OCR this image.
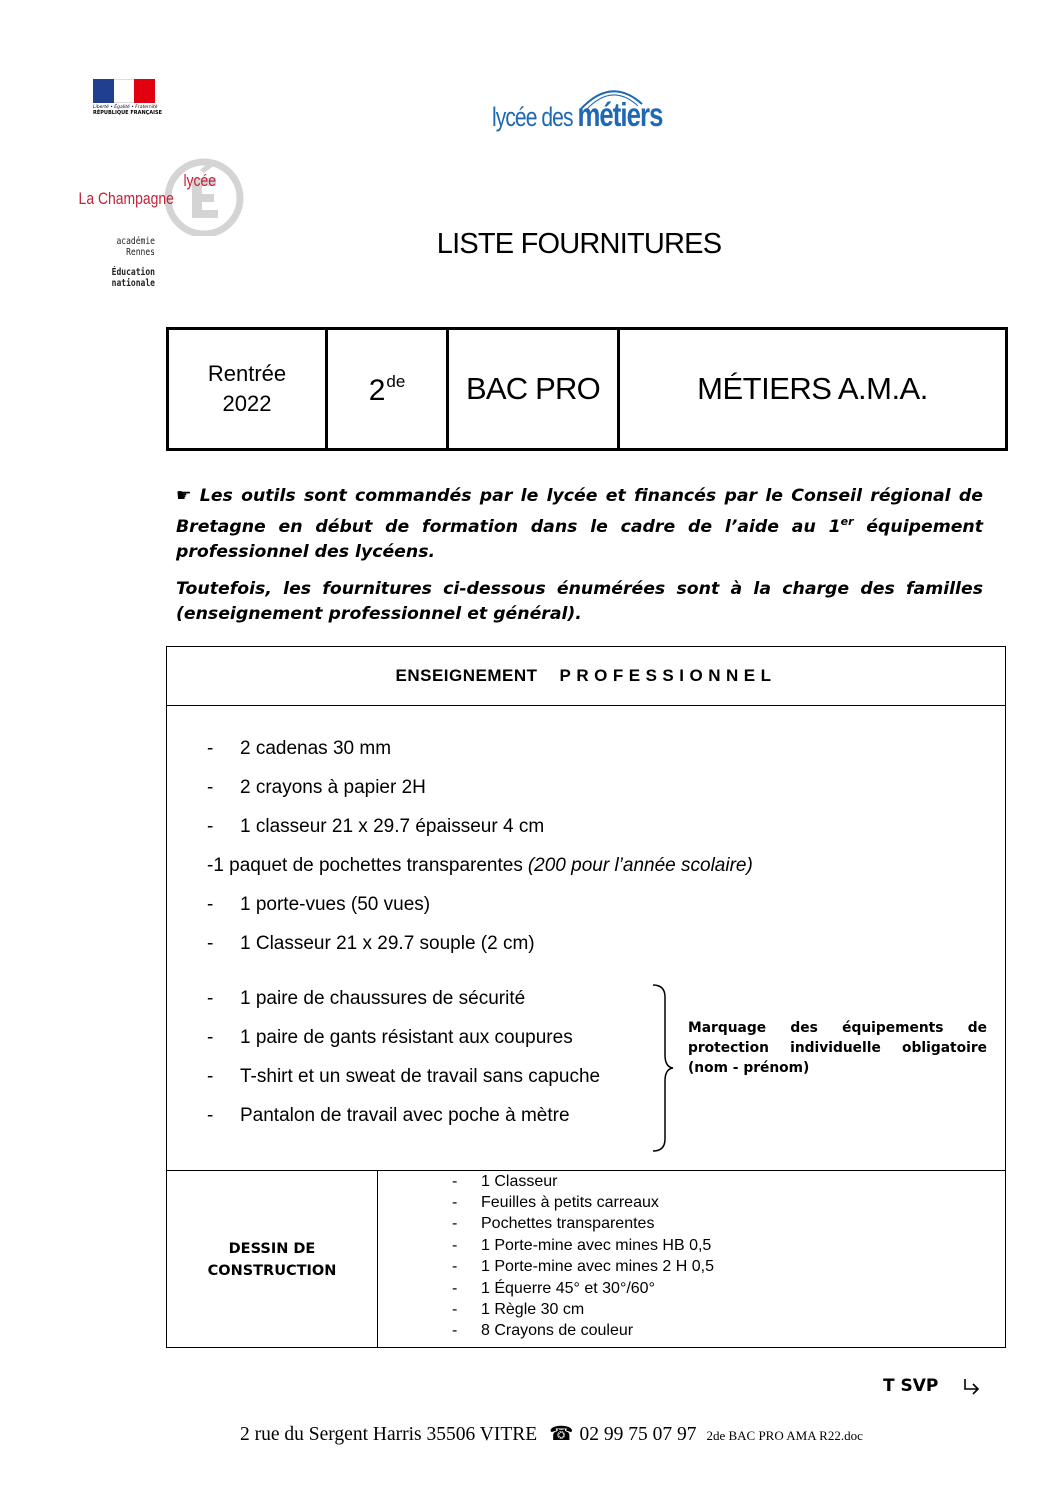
Liberté • Égalité • Fraternité
RÉPUBLIQUE FRANÇAISE
lycée
La Champagne
académie
Rennes
Éducation
nationale
lycée des métiers
LISTE FOURNITURES
Rentrée
2022	2de	BAC PRO	MÉTIERS A.M.A.

☛ Les outils sont commandés par le lycée et financés par le Conseil régional de Bretagne en début de formation dans le cadre de l’aide au 1er équipement professionnel des lycéens.

Toutefois, les fournitures ci-dessous énumérées sont à la charge des familles (enseignement professionnel et général).

ENSEIGNEMENT PROFESSIONNEL
-	2 cadenas 30 mm
-	2 crayons à papier 2H
-	1 classeur 21 x 29.7 épaisseur 4 cm
- 1 paquet de pochettes transparentes (200 pour l’année scolaire)
-	1 porte-vues (50 vues)
-	1 Classeur 21 x 29.7 souple (2 cm)
-	1 paire de chaussures de sécurité
-	1 paire de gants résistant aux coupures
-	T-shirt et un sweat de travail sans capuche
-	Pantalon de travail avec poche à mètre
Marquage des équipements de protection individuelle obligatoire (nom - prénom)
DESSIN DE
CONSTRUCTION
-	1 Classeur
-	Feuilles à petits carreaux
-	Pochettes transparentes
-	1 Porte-mine avec mines HB 0,5
-	1 Porte-mine avec mines 2 H 0,5
-	1 Équerre 45° et 30°/60°
-	1 Règle 30 cm
-	8 Crayons de couleur
T SVP
2 rue du Sergent Harris 35506 VITRE ☎ 02 99 75 07 97 2de BAC PRO AMA R22.doc
